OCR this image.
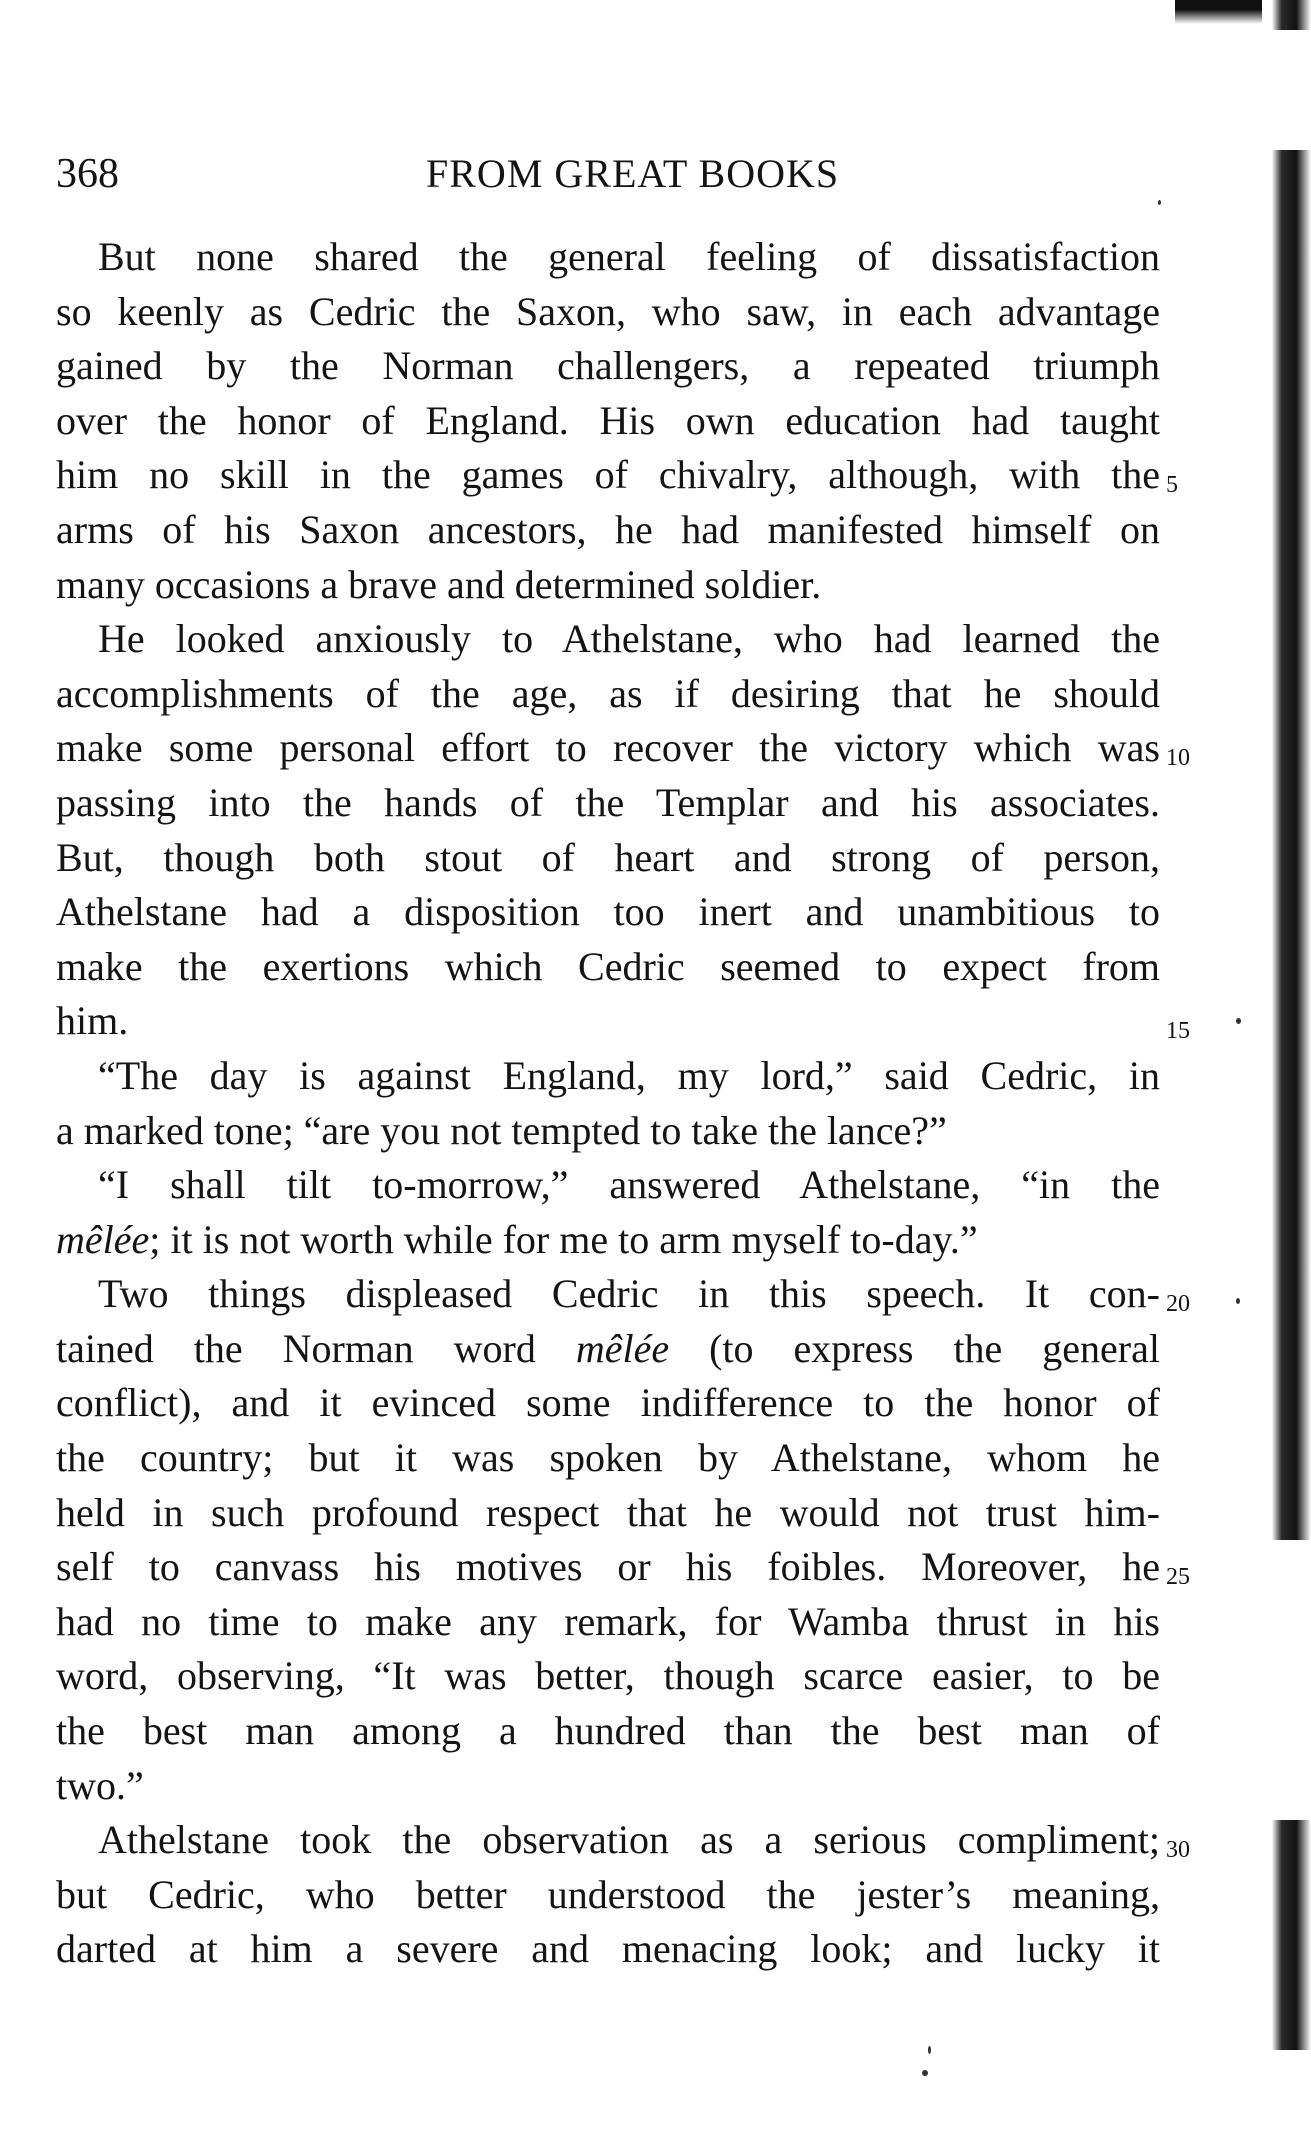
368	FROM GREAT BOOKS

But none shared the general feeling of dissatisfaction
so keenly as Cedric the Saxon, who saw, in each advantage
gained by the Norman challengers, a repeated triumph
over the honor of England. His own education had taught
him no skill in the games of chivalry, although, with the
arms of his Saxon ancestors, he had manifested himself on
many occasions a brave and determined soldier.

He looked anxiously to Athelstane, who had learned the
accomplishments of the age, as if desiring that he should
make some personal effort to recover the victory which was
passing into the hands of the Templar and his associates.
But, though both stout of heart and strong of person,
Athelstane had a disposition too inert and unambitious to
make the exertions which Cedric seemed to expect from
him.

“The day is against England, my lord,” said Cedric, in
a marked tone; “are you not tempted to take the lance?”

“I shall tilt to-morrow,” answered Athelstane, “in the
mêlée; it is not worth while for me to arm myself to-day.”

Two things displeased Cedric in this speech. It con-
tained the Norman word mêlée (to express the general
conflict), and it evinced some indifference to the honor of
the country; but it was spoken by Athelstane, whom he
held in such profound respect that he would not trust him-
self to canvass his motives or his foibles. Moreover, he
had no time to make any remark, for Wamba thrust in his
word, observing, “It was better, though scarce easier, to be
the best man among a hundred than the best man of
two.”

Athelstane took the observation as a serious compliment;
but Cedric, who better understood the jester’s meaning,
darted at him a severe and menacing look; and lucky it

5
10
15
20
25
30
